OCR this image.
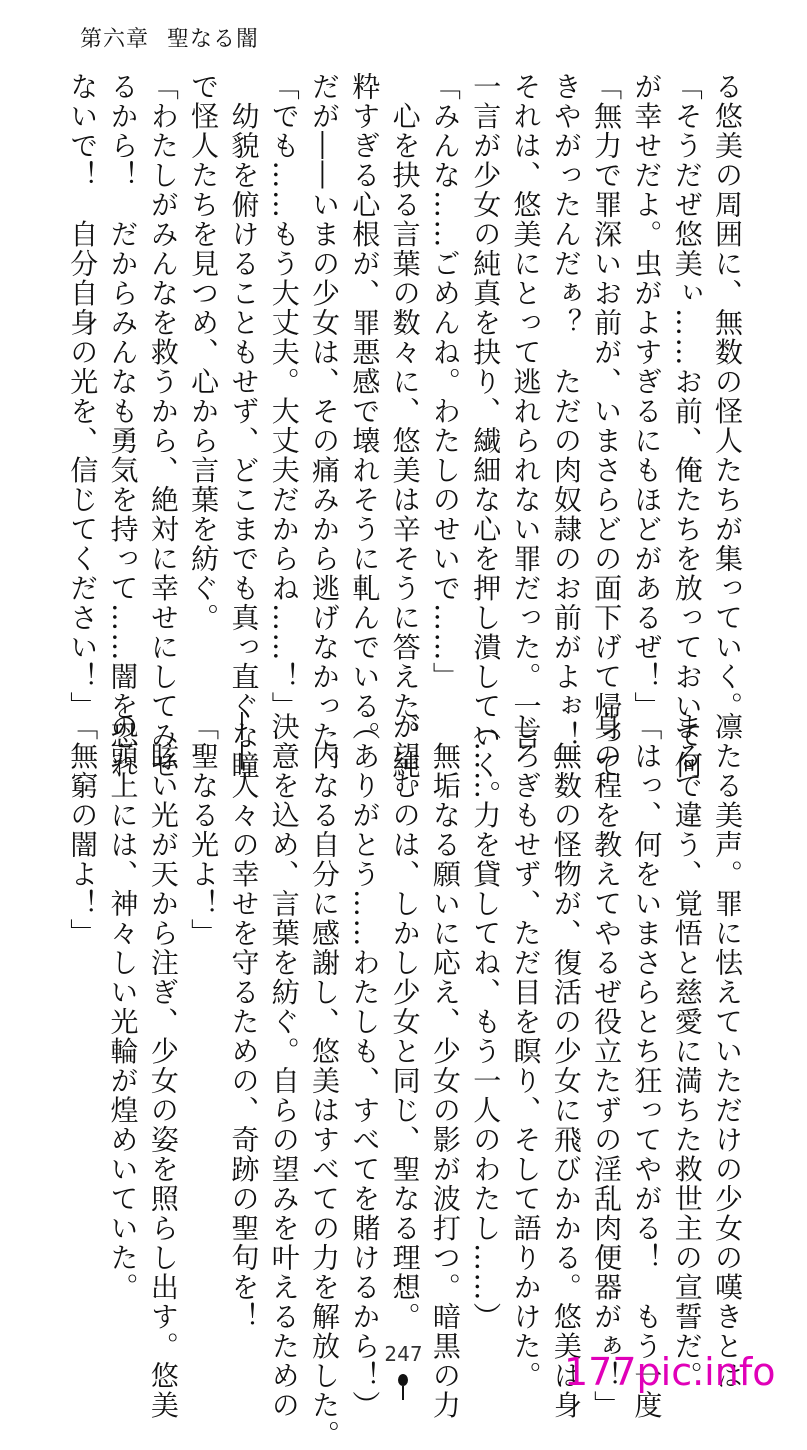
第六章 聖なる闇

る悠美の周囲に、無数の怪人たちが集っていく。

「そうだぜ悠美ぃ……お前、俺たちを放っておいて何

が幸せだよ。虫がよすぎるにもほどがあるぜ！」

「無力で罪深いお前が、いまさらどの面下げて帰って

きやがったんだぁ？　ただの肉奴隷のお前がよぉ！」

それは、悠美にとって逃れられない罪だった。一言

一言が少女の純真を抉り、繊細な心を押し潰していく。

「みんな……ごめんね。わたしのせいで……」

　心を抉る言葉の数々に、悠美は辛そうに答えた。純

粋すぎる心根が、罪悪感で壊れそうに軋んでいる。

だが――いまの少女は、その痛みから逃げなかった。

「でも……もう大丈夫。大丈夫だからね……！」

　幼貌を俯けることもせず、どこまでも真っ直ぐな瞳

で怪人たちを見つめ、心から言葉を紡ぐ。

「わたしがみんなを救うから、絶対に幸せにしてみせ

るから！　だからみんなも勇気を持って……闇を恐れ

ないで！　自分自身の光を、信じてください！」

凛たる美声。罪に怯えていただけの少女の嘆きとは

まるで違う、覚悟と慈愛に満ちた救世主の宣誓だ。

「はっ、何をいまさらとち狂ってやがる！　もう一度

身の程を教えてやるぜ役立たずの淫乱肉便器がぁ！」

　無数の怪物が、復活の少女に飛びかかる。悠美は身

じろぎもせず、ただ目を瞑り、そして語りかけた。

（……力を貸してね、もう一人のわたし……）

　無垢なる願いに応え、少女の影が波打つ。暗黒の力

が望むのは、しかし少女と同じ、聖なる理想。

（ありがとう……わたしも、すべてを賭けるから！）

　内なる自分に感謝し、悠美はすべての力を解放した。

決意を込め、言葉を紡ぐ。自らの望みを叶えるための

――人々の幸せを守るための、奇跡の聖句を！

「聖なる光よ！」

　眩い光が天から注ぎ、少女の姿を照らし出す。悠美

の頭上には、神々しい光輪が煌めいていた。

「無窮の闇よ！」

247	177pic.info
